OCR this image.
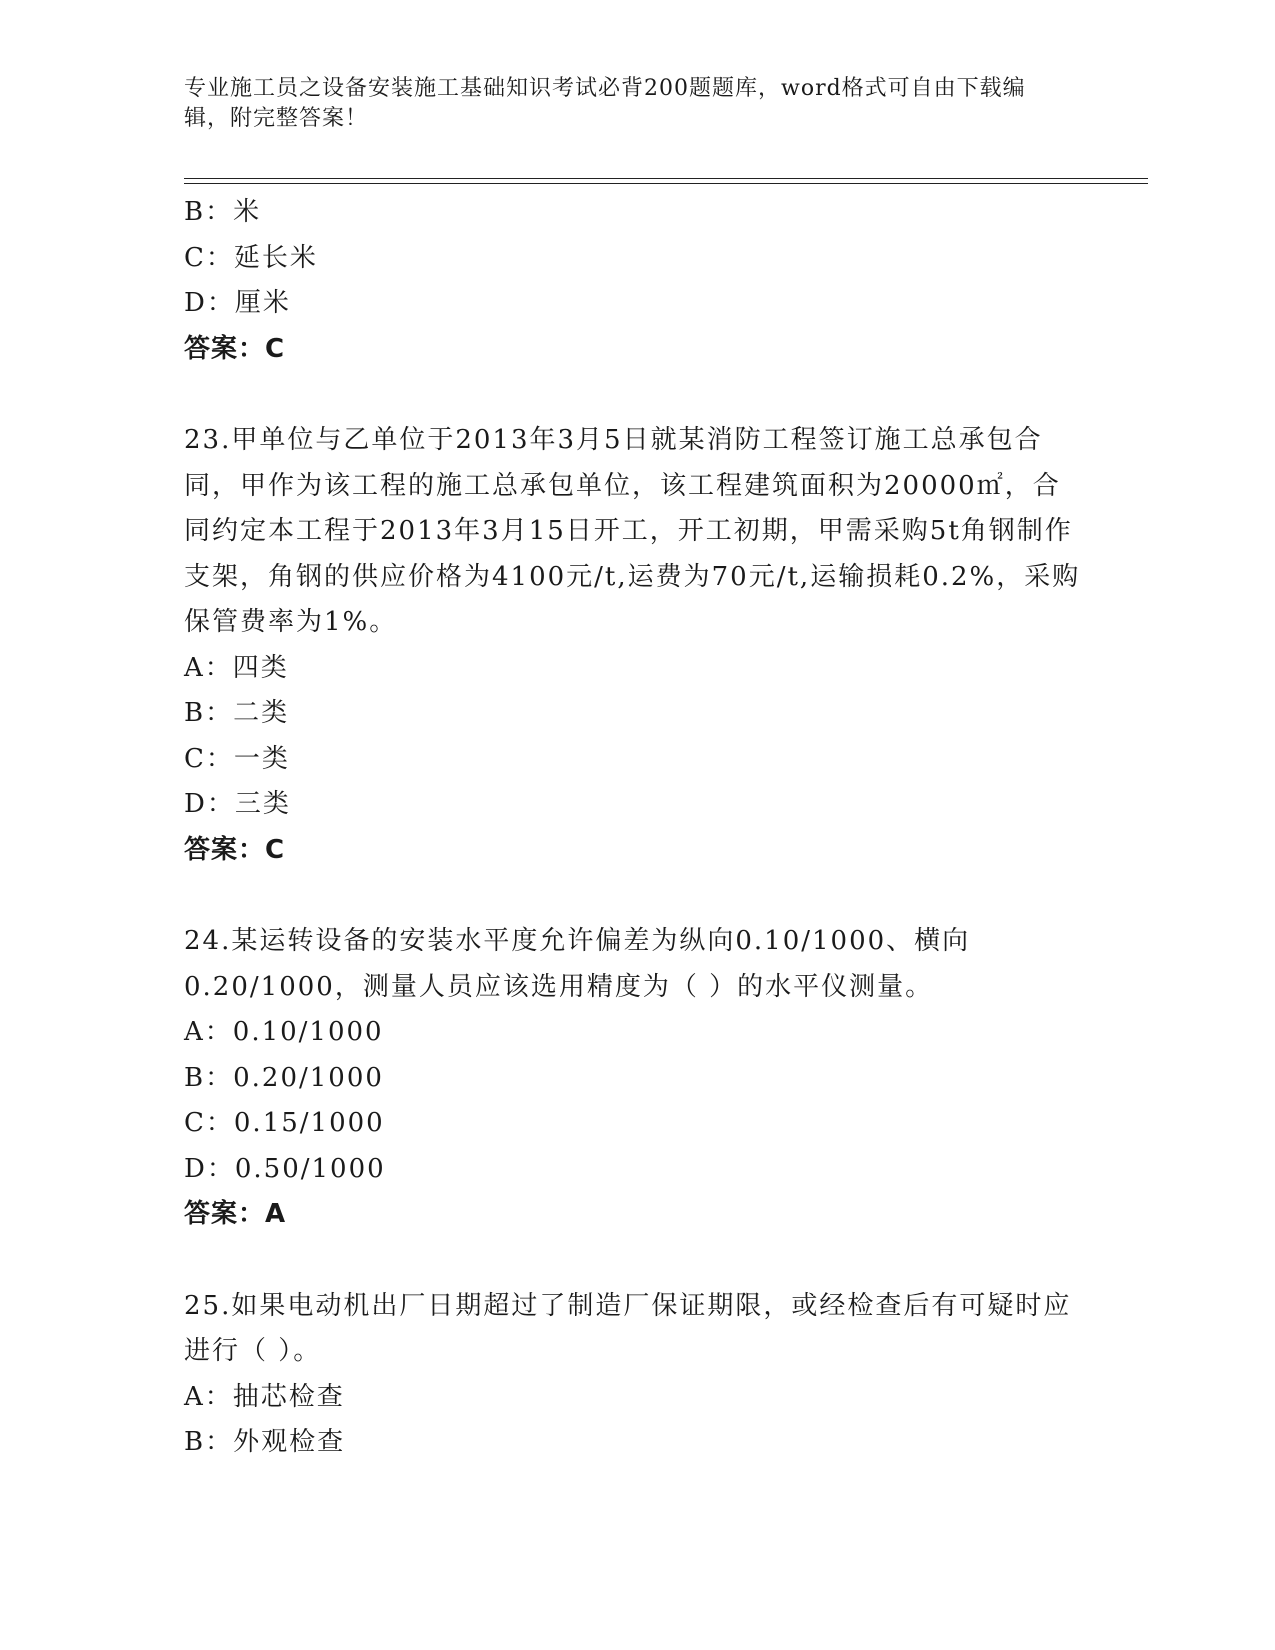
专业施工员之设备安装施工基础知识考试必背200题题库，word格式可自由下载编辑，附完整答案！
B：米
C：延长米
D：厘米
答案：C
23.甲单位与乙单位于2013年3月5日就某消防工程签订施工总承包合同，甲作为该工程的施工总承包单位，该工程建筑面积为20000㎡，合同约定本工程于2013年3月15日开工，开工初期，甲需采购5t角钢制作支架，角钢的供应价格为4100元/t,运费为70元/t,运输损耗0.2%，采购保管费率为1%。
A：四类
B：二类
C：一类
D：三类
答案：C
24.某运转设备的安装水平度允许偏差为纵向0.10/1000、横向0.20/1000，测量人员应该选用精度为（ ）的水平仪测量。
A：0.10/1000
B：0.20/1000
C：0.15/1000
D：0.50/1000
答案：A
25.如果电动机出厂日期超过了制造厂保证期限，或经检查后有可疑时应进行（ ）。
A：抽芯检查
B：外观检查
